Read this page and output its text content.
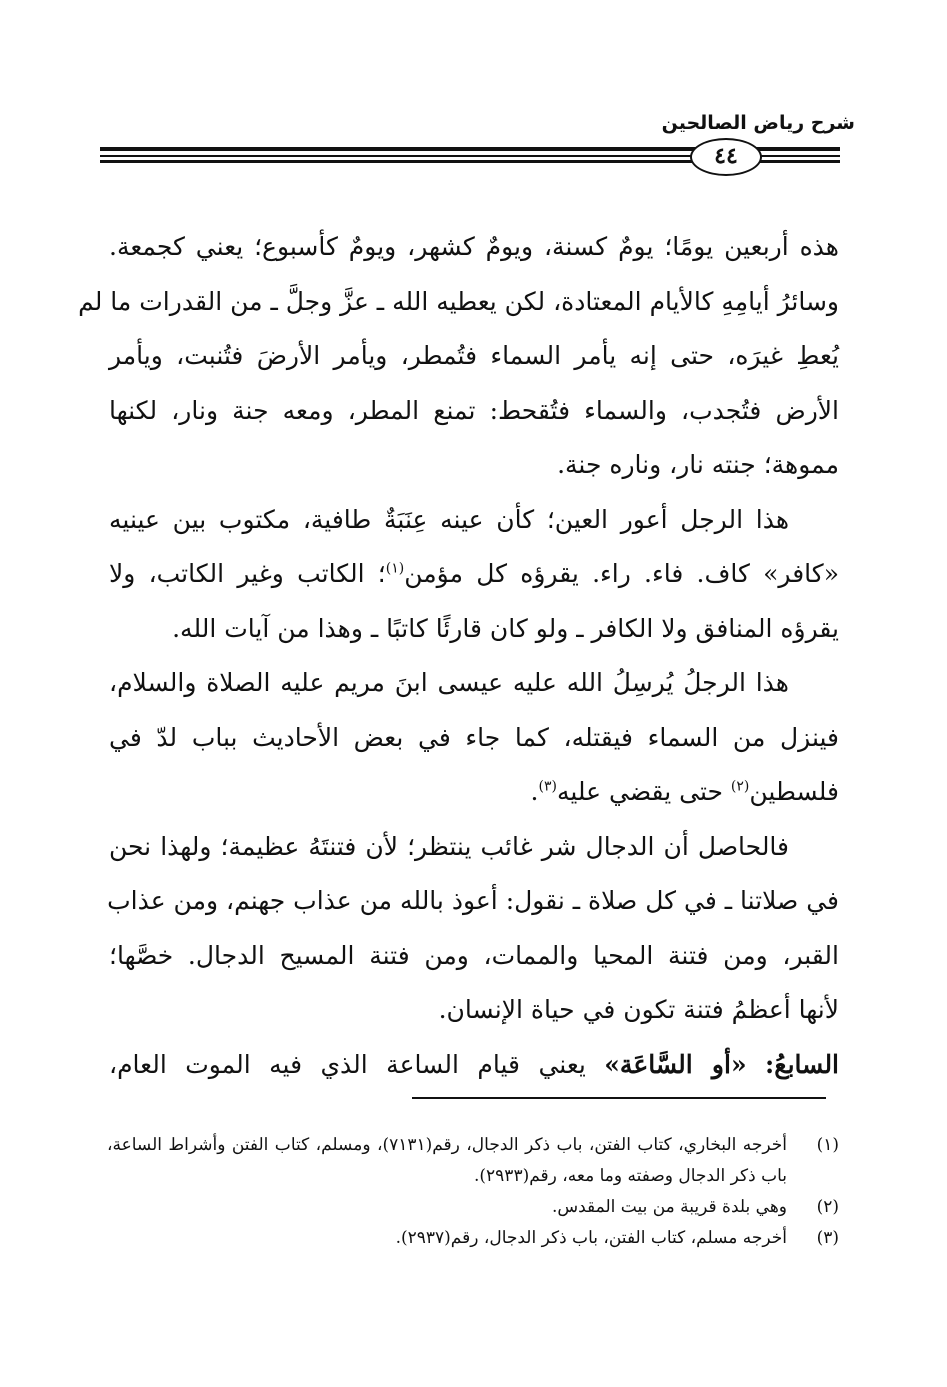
شرح رياض الصالحين
٤٤
هذه أربعين يومًا؛ يومٌ كسنة، ويومٌ كشهر، ويومٌ كأسبوع؛ يعني كجمعة.
وسائرُ أيامِهِ كالأيام المعتادة، لكن يعطيه الله ـ عزَّ وجلَّ ـ من القدرات ما لم
يُعطِ غيرَه، حتى إنه يأمر السماء فتُمطر، ويأمر الأرضَ فتُنبت، ويأمر
الأرض فتُجدب، والسماء فتُقحط: تمنع المطر، ومعه جنة ونار، لكنها
مموهة؛ جنته نار، وناره جنة.
هذا الرجل أعور العين؛ كأن عينه عِنَبَةٌ طافية، مكتوب بين عينيه
«كافر» كاف. فاء. راء. يقرؤه كل مؤمن$^{(١)}$؛ الكاتب وغير الكاتب، ولا
يقرؤه المنافق ولا الكافر ـ ولو كان قارئًا كاتبًا ـ وهذا من آيات الله.
هذا الرجلُ يُرسِلُ الله عليه عيسى ابنَ مريم عليه الصلاة والسلام،
فينزل من السماء فيقتله، كما جاء في بعض الأحاديث بباب لدّ في
فلسطين$^{(٢)}$ حتى يقضي عليه$^{(٣)}$.
فالحاصل أن الدجال شر غائب ينتظر؛ لأن فتنتَهُ عظيمة؛ ولهذا نحن
في صلاتنا ـ في كل صلاة ـ نقول: أعوذ بالله من عذاب جهنم، ومن عذاب
القبر، ومن فتنة المحيا والممات، ومن فتنة المسيح الدجال. خصَّها؛
لأنها أعظمُ فتنة تكون في حياة الإنسان.
السابعُ: «أو السَّاعَة» يعني قيام الساعة الذي فيه الموت العام،
(١)
أخرجه البخاري، كتاب الفتن، باب ذكر الدجال، رقم(٧١٣١)، ومسلم، كتاب الفتن وأشراط الساعة، باب ذكر الدجال وصفته وما معه، رقم(٢٩٣٣).
(٢)
وهي بلدة قريبة من بيت المقدس.
(٣)
أخرجه مسلم، كتاب الفتن، باب ذكر الدجال، رقم(٢٩٣٧).
